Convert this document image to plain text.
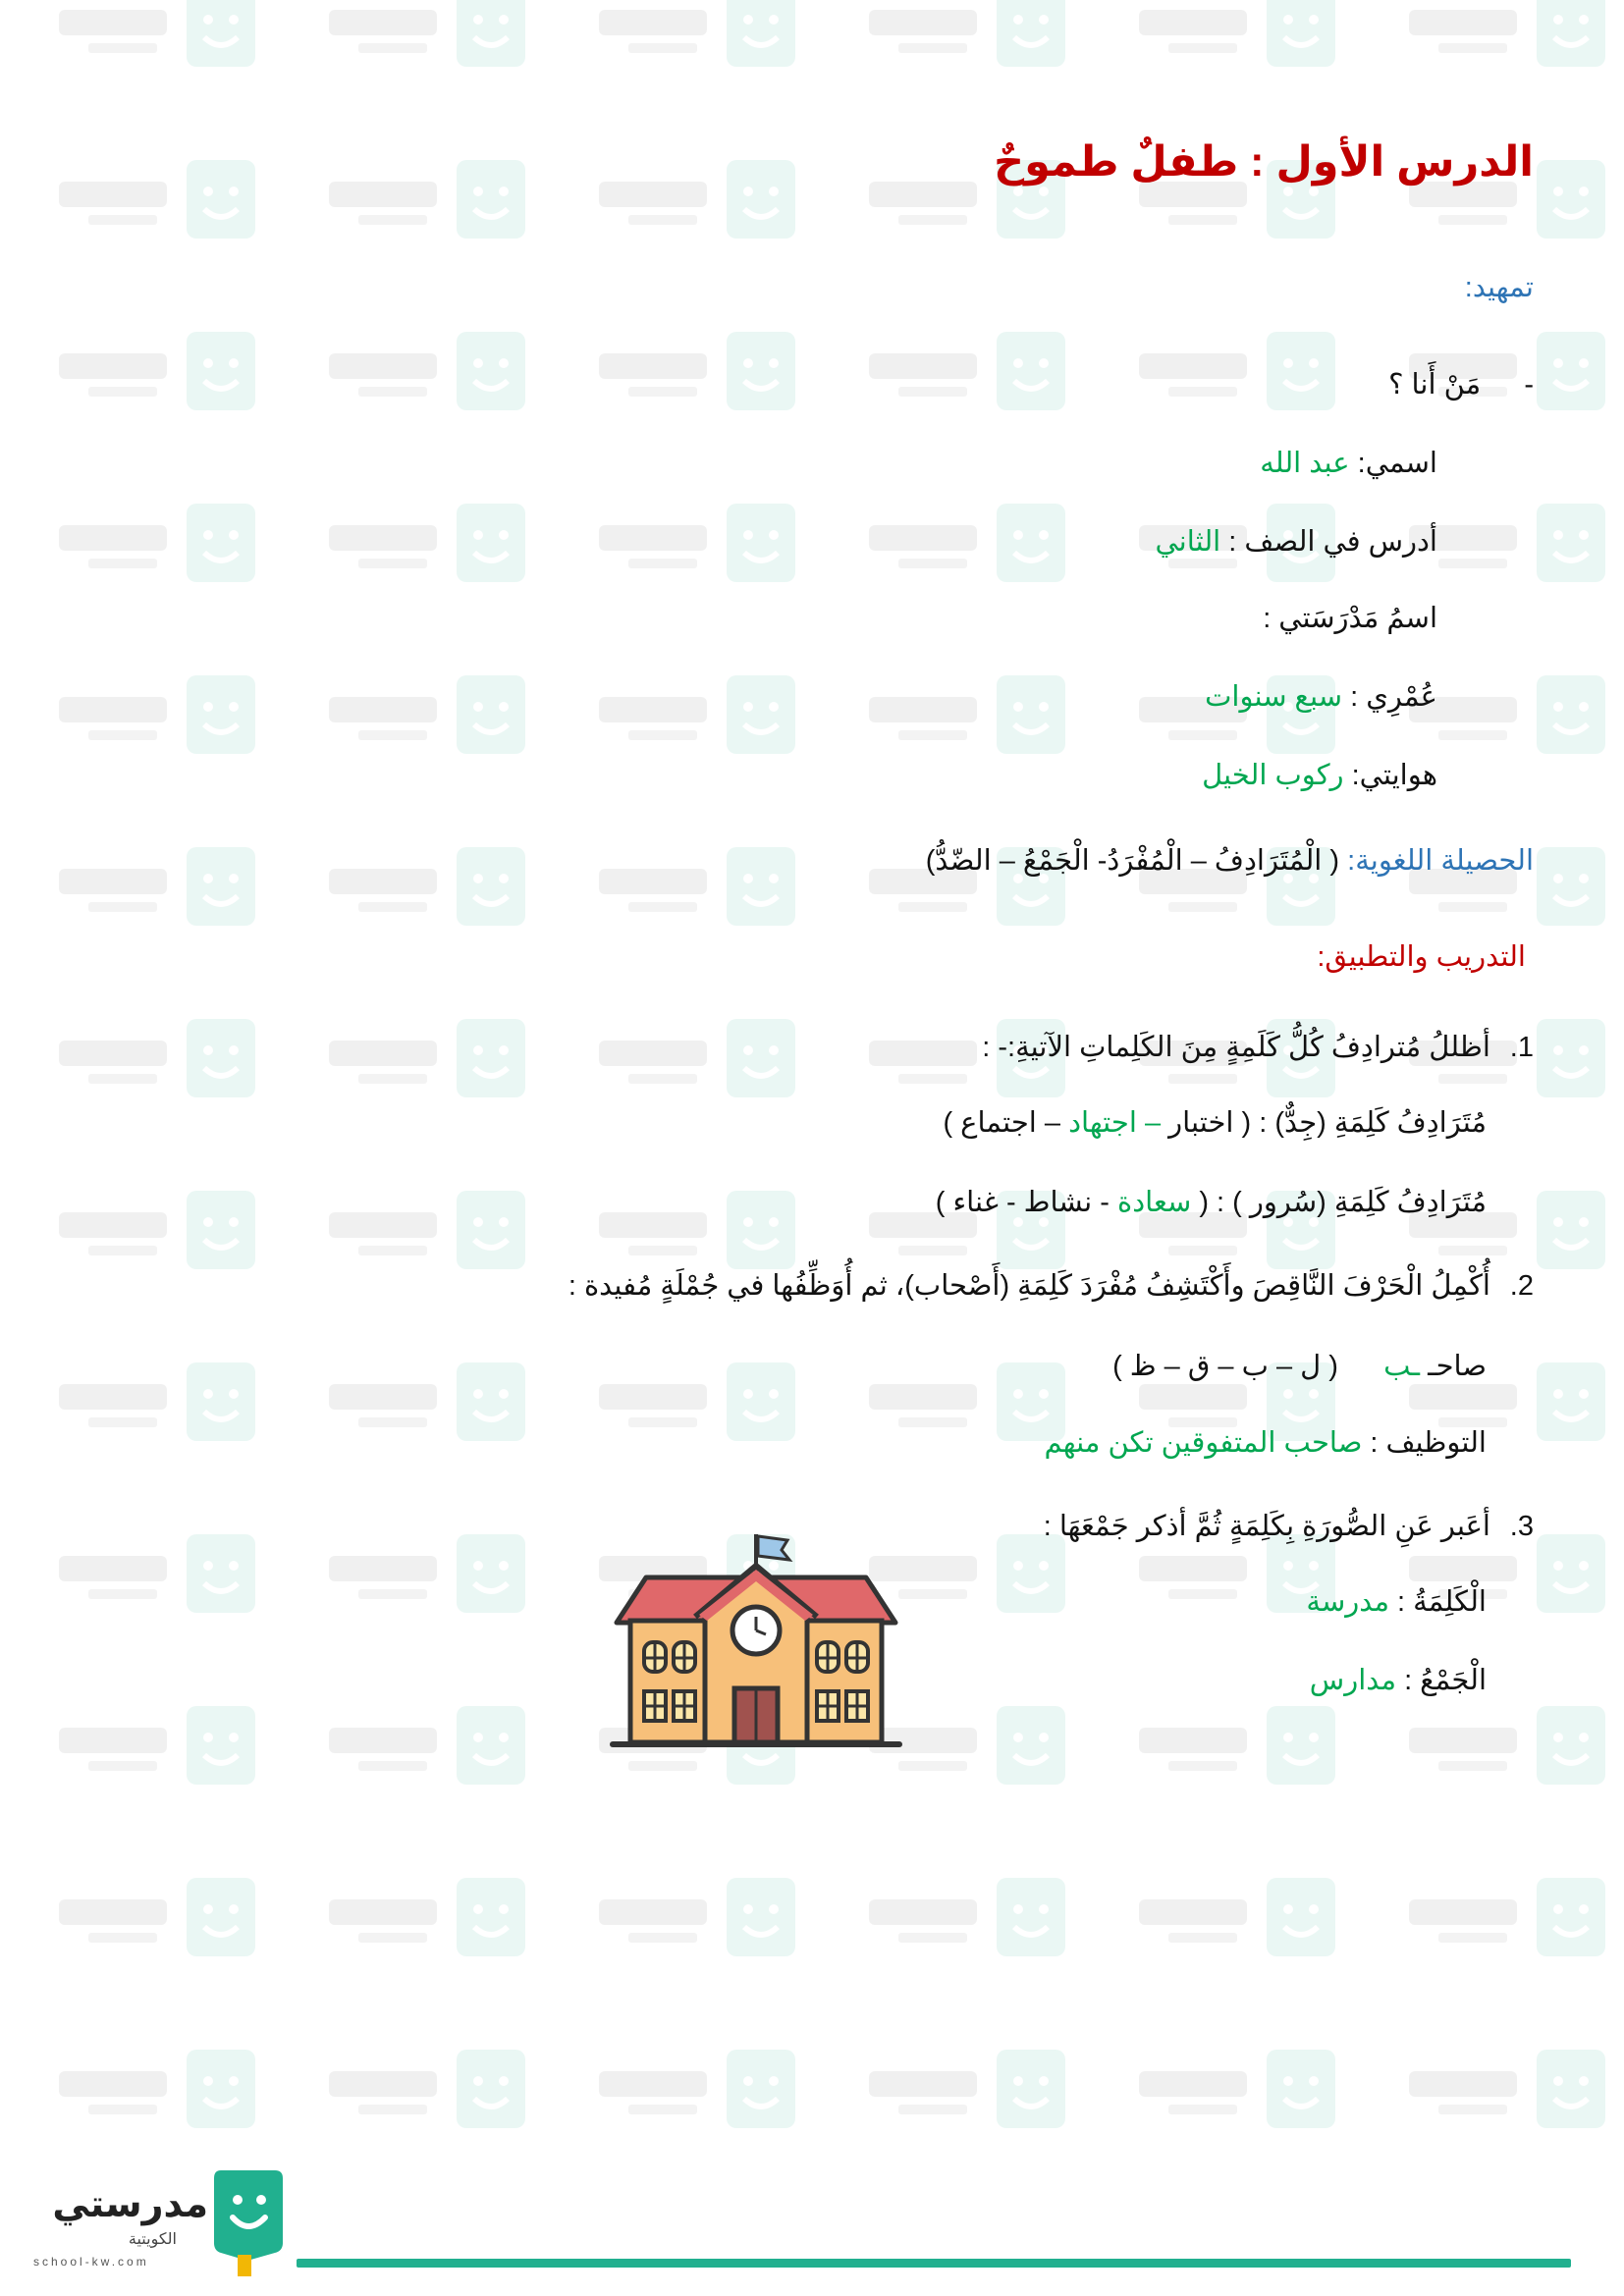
الدرس الأول : طفلٌ طموحٌ
تمهيد:
-  مَنْ أَنا ؟
اسمي: عبد الله
أدرس في الصف : الثاني
اسمُ مَدْرَسَتي :
عُمْرِي : سبع سنوات
هوايتي: ركوب الخيل
الحصيلة اللغوية: ( الْمُتَرَادِفُ – الْمُفْرَدُ- الْجَمْعُ – الضّدُّ)
التدريب والتطبيق:
1. أظللُ مُترادِفُ كُلُّ كَلَمِةٍ مِنَ الكَلِماتِ الآتيةِ:- :
مُتَرَادِفُ كَلِمَةِ (جِدٌّ) : ( اختبار – اجتهاد – اجتماع )
مُتَرَادِفُ كَلِمَةِ (سُرور ) : ( سعادة - نشاط - غناء )
2. أُكْمِلُ الْحَرْفَ النَّاقِصَ وأَكْتَشِفُ مُفْرَدَ كَلِمَةِ (أَصْحاب)، ثم أُوَظِّفُها في جُمْلَةٍ مُفيدة :
صاحـ ـب  ( ل – ب – ق – ظ )
التوظيف : صاحب المتفوقين تكن منهم
3. أعَبر عَنِ الصُّورَةِ بِكَلِمَةٍ ثُمَّ أذكر جَمْعَهَا :
الْكَلِمَةُ : مدرسة
الْجَمْعُ : مدارس
مدرستي
الكويتية
school-kw.com
